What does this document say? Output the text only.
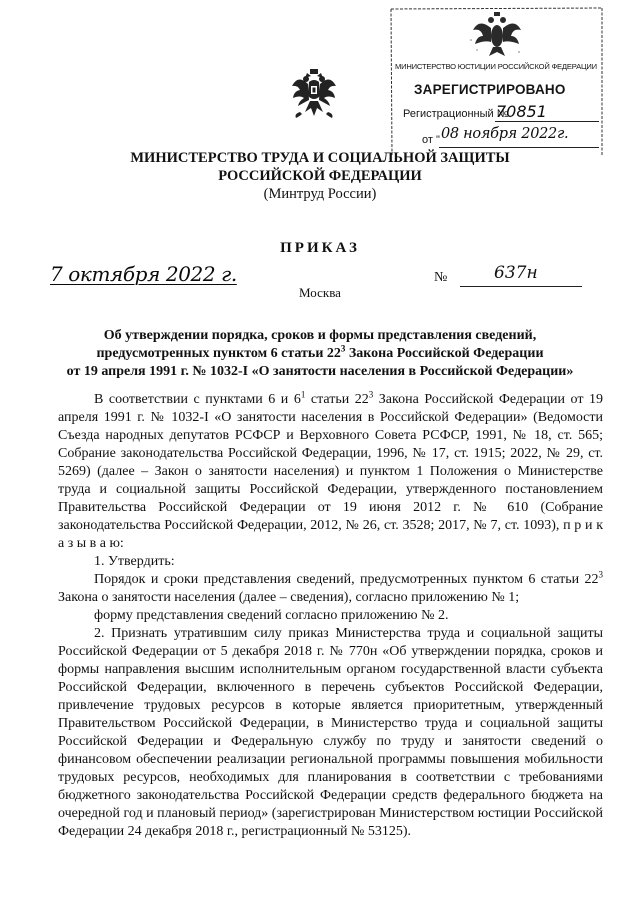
МИНИСТЕРСТВО ЮСТИЦИИ РОССИЙСКОЙ ФЕДЕРАЦИИ
ЗАРЕГИСТРИРОВАНО
Регистрационный №
70851
от " 08 ноября 2022г.
МИНИСТЕРСТВО ТРУДА И СОЦИАЛЬНОЙ ЗАЩИТЫ
РОССИЙСКОЙ ФЕДЕРАЦИИ
(Минтруд России)
ПРИКАЗ
7 октября 2022 г.	№	637н
Москва
Об утверждении порядка, сроков и формы представления сведений,
предусмотренных пунктом 6 статьи $22^3$ Закона Российской Федерации
от 19 апреля 1991 г. № 1032-I «О занятости населения в Российской Федерации»

В соответствии с пунктами 6 и $6^1$ статьи $22^3$ Закона Российской Федерации от 19 апреля 1991 г. № 1032-I «О занятости населения в Российской Федерации» (Ведомости Съезда народных депутатов РСФСР и Верховного Совета РСФСР, 1991, № 18, ст. 565; Собрание законодательства Российской Федерации, 1996, № 17, ст. 1915; 2022, № 29, ст. 5269) (далее – Закон о занятости населения) и пунктом 1 Положения о Министерстве труда и социальной защиты Российской Федерации, утвержденного постановлением Правительства Российской Федерации от 19 июня 2012 г. № 610 (Собрание законодательства Российской Федерации, 2012, № 26, ст. 3528; 2017, № 7, ст. 1093), п р и к а з ы в а ю:

1. Утвердить:

Порядок и сроки представления сведений, предусмотренных пунктом 6 статьи $22^3$ Закона о занятости населения (далее – сведения), согласно приложению № 1;

форму представления сведений согласно приложению № 2.

2. Признать утратившим силу приказ Министерства труда и социальной защиты Российской Федерации от 5 декабря 2018 г. № 770н «Об утверждении порядка, сроков и формы направления высшим исполнительным органом государственной власти субъекта Российской Федерации, включенного в перечень субъектов Российской Федерации, привлечение трудовых ресурсов в которые является приоритетным, утвержденный Правительством Российской Федерации, в Министерство труда и социальной защиты Российской Федерации и Федеральную службу по труду и занятости сведений о финансовом обеспечении реализации региональной программы повышения мобильности трудовых ресурсов, необходимых для планирования в соответствии с требованиями бюджетного законодательства Российской Федерации средств федерального бюджета на очередной год и плановый период» (зарегистрирован Министерством юстиции Российской Федерации 24 декабря 2018 г., регистрационный № 53125).
